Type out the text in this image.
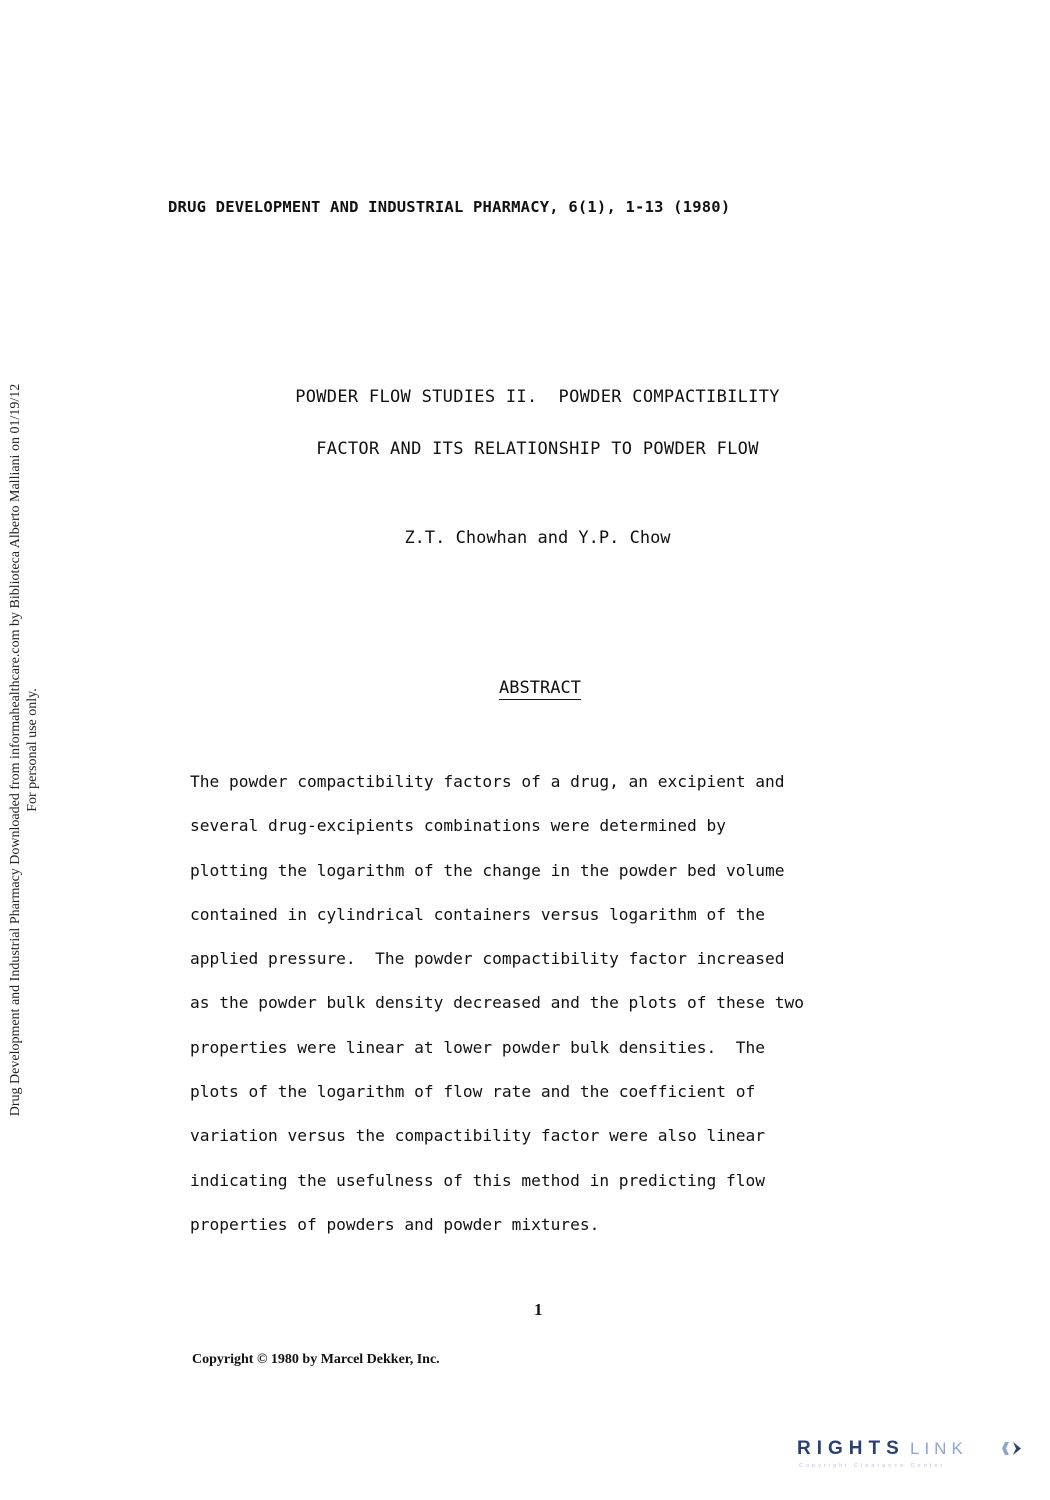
DRUG DEVELOPMENT AND INDUSTRIAL PHARMACY, 6(1), 1-13 (1980)
Drug Development and Industrial Pharmacy Downloaded from informahealthcare.com by Biblioteca Alberto Malliani on 01/19/12 For personal use only.
POWDER FLOW STUDIES II.  POWDER COMPACTIBILITY
FACTOR AND ITS RELATIONSHIP TO POWDER FLOW
Z.T. Chowhan and Y.P. Chow
ABSTRACT
The powder compactibility factors of a drug, an excipient and
several drug-excipients combinations were determined by
plotting the logarithm of the change in the powder bed volume
contained in cylindrical containers versus logarithm of the
applied pressure.  The powder compactibility factor increased
as the powder bulk density decreased and the plots of these two
properties were linear at lower powder bulk densities.  The
plots of the logarithm of flow rate and the coefficient of
variation versus the compactibility factor were also linear
indicating the usefulness of this method in predicting flow
properties of powders and powder mixtures.
1
Copyright © 1980 by Marcel Dekker, Inc.
RIGHTS LINK
Copyright Clearance Center
